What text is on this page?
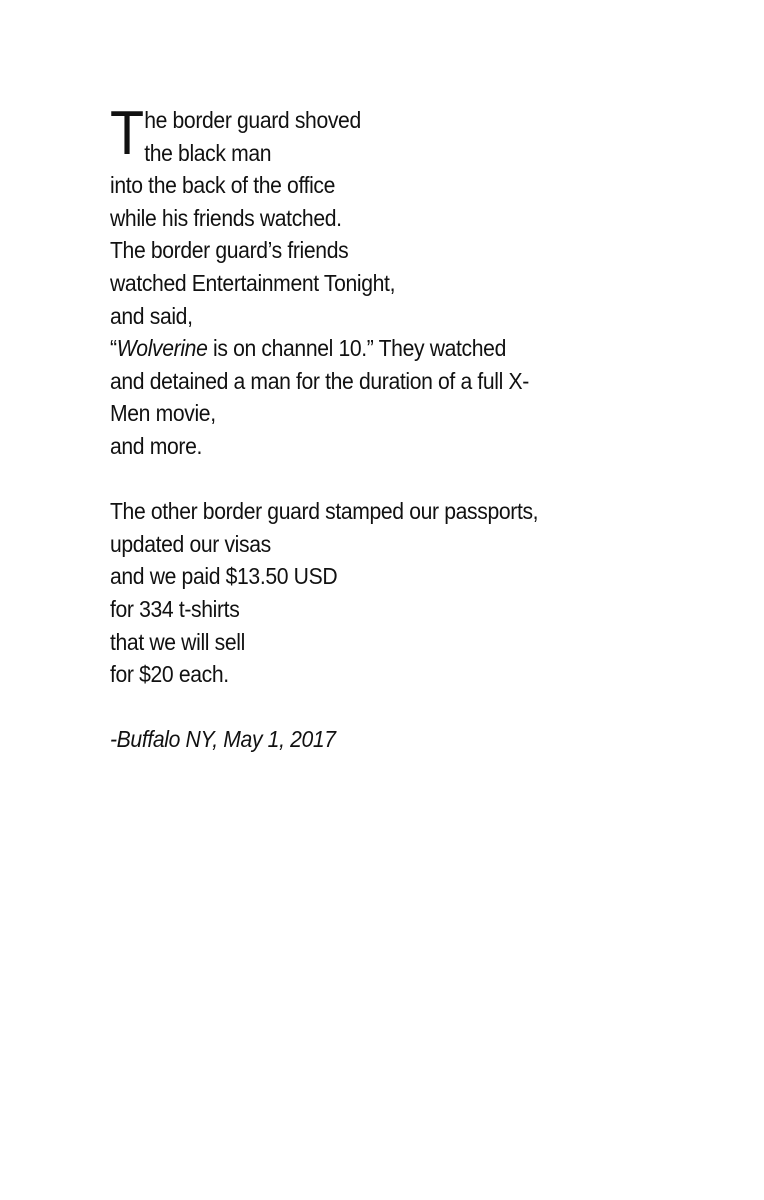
T he border guard shoved
the black man
into the back of the office
while his friends watched.
The border guard’s friends
watched Entertainment Tonight,
and said,
“Wolverine is on channel 10.” They watched
and detained a man for the duration of a full X-
Men movie,
and more.
The other border guard stamped our passports,
updated our visas
and we paid $13.50 USD
for 334 t-shirts
that we will sell
for $20 each.
-Buffalo NY, May 1, 2017
